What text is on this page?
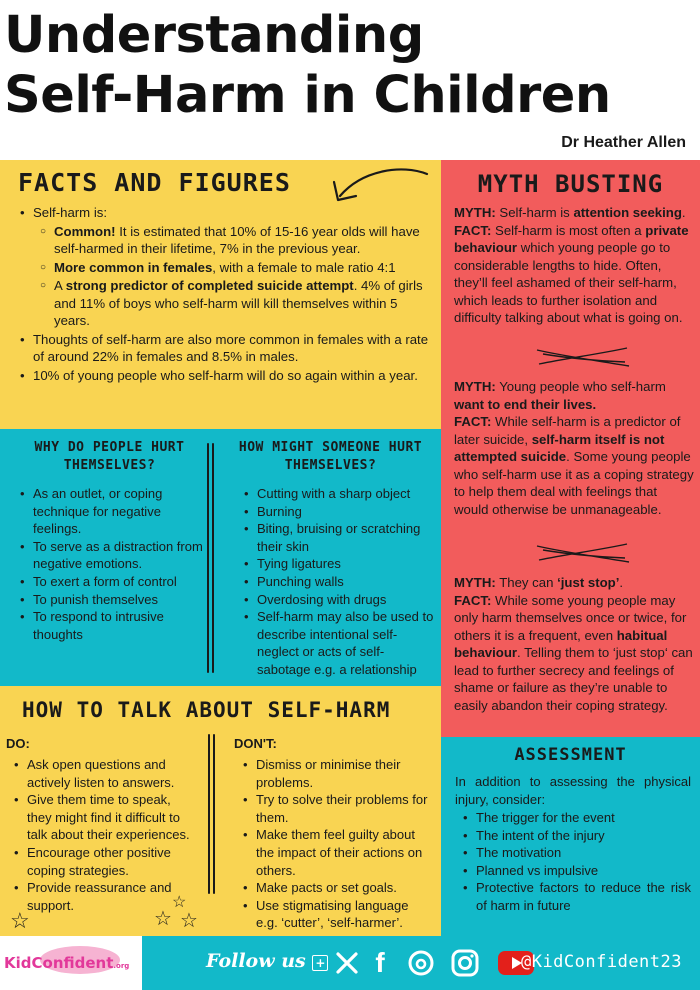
Understanding
Self-Harm in Children
Dr Heather Allen
FACTS AND FIGURES
• Self-harm is:
○ Common! It is estimated that 10% of 15-16 year olds will have self-harmed in their lifetime, 7% in the previous year.
○ More common in females, with a female to male ratio 4:1
○ A strong predictor of completed suicide attempt. 4% of girls and 11% of boys who self-harm will kill themselves within 5 years.
• Thoughts of self-harm are also more common in females with a rate of around 22% in females and 8.5% in males.
• 10% of young people who self-harm will do so again within a year.
WHY DO PEOPLE HURT THEMSELVES?
• As an outlet, or coping technique for negative feelings.
• To serve as a distraction from negative emotions.
• To exert a form of control
• To punish themselves
• To respond to intrusive thoughts
HOW MIGHT SOMEONE HURT THEMSELVES?
• Cutting with a sharp object
• Burning
• Biting, bruising or scratching their skin
• Tying ligatures
• Punching walls
• Overdosing with drugs
• Self-harm may also be used to describe intentional self-neglect or acts of self-sabotage e.g. a relationship
HOW TO TALK ABOUT SELF-HARM
DO:
• Ask open questions and actively listen to answers.
• Give them time to speak, they might find it difficult to talk about their experiences.
• Encourage other positive coping strategies.
• Provide reassurance and support.
DON'T:
• Dismiss or minimise their problems.
• Try to solve their problems for them.
• Make them feel guilty about the impact of their actions on others.
• Make pacts or set goals.
• Use stigmatising language e.g. ‘cutter’, ‘self-harmer’.
☆	☆
☆
☆
MYTH BUSTING
MYTH: Self-harm is attention seeking.
FACT: Self-harm is most often a private behaviour which young people go to considerable lengths to hide. Often, they’ll feel ashamed of their self-harm, which leads to further isolation and difficulty talking about what is going on.
MYTH: Young people who self-harm want to end their lives.
FACT: While self-harm is a predictor of later suicide, self-harm itself is not attempted suicide. Some young people who self-harm use it as a coping strategy to help them deal with feelings that would otherwise be unmanageable.
MYTH: They can ‘just stop’.
FACT: While some young people may only harm themselves once or twice, for others it is a frequent, even habitual behaviour. Telling them to ‘just stop‘ can lead to further secrecy and feelings of shame or failure as they’re unable to easily abandon their coping strategy.
ASSESSMENT
In addition to assessing the physical injury, consider:
• The trigger for the event
• The intent of the injury
• The motivation
• Planned vs impulsive
• Protective factors to reduce the risk of harm in future
KidConfident.org	Follow us + f	@KidConfident23
